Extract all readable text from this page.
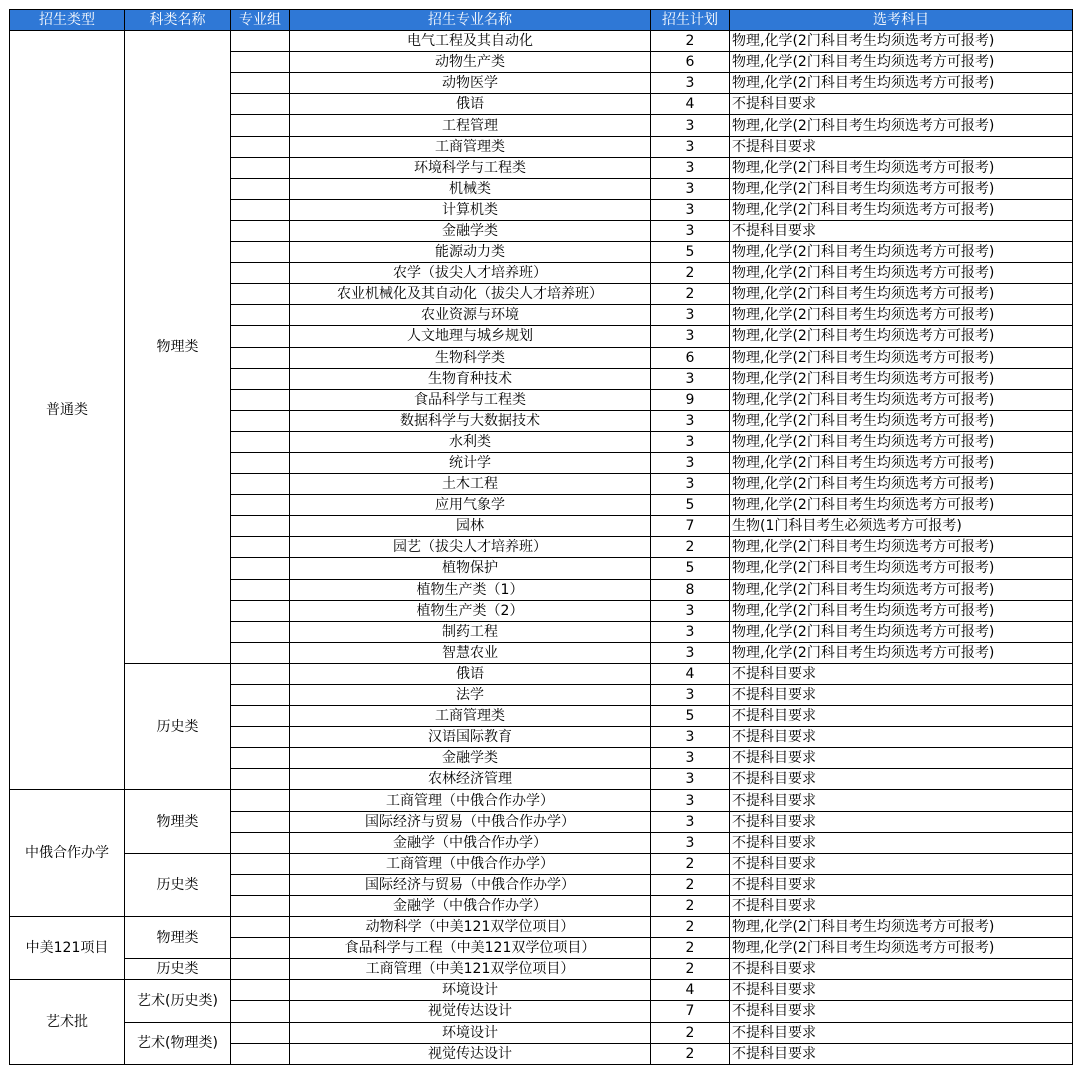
招生类型	科类名称	专业组	招生专业名称	招生计划	选考科目
普通类	物理类		电气工程及其自动化	2	物理,化学(2门科目考生均须选考方可报考)
			动物生产类	6	物理,化学(2门科目考生均须选考方可报考)
			动物医学	3	物理,化学(2门科目考生均须选考方可报考)
			俄语	4	不提科目要求
			工程管理	3	物理,化学(2门科目考生均须选考方可报考)
			工商管理类	3	不提科目要求
			环境科学与工程类	3	物理,化学(2门科目考生均须选考方可报考)
			机械类	3	物理,化学(2门科目考生均须选考方可报考)
			计算机类	3	物理,化学(2门科目考生均须选考方可报考)
			金融学类	3	不提科目要求
			能源动力类	5	物理,化学(2门科目考生均须选考方可报考)
			农学（拔尖人才培养班）	2	物理,化学(2门科目考生均须选考方可报考)
			农业机械化及其自动化（拔尖人才培养班）	2	物理,化学(2门科目考生均须选考方可报考)
			农业资源与环境	3	物理,化学(2门科目考生均须选考方可报考)
			人文地理与城乡规划	3	物理,化学(2门科目考生均须选考方可报考)
			生物科学类	6	物理,化学(2门科目考生均须选考方可报考)
			生物育种技术	3	物理,化学(2门科目考生均须选考方可报考)
			食品科学与工程类	9	物理,化学(2门科目考生均须选考方可报考)
			数据科学与大数据技术	3	物理,化学(2门科目考生均须选考方可报考)
			水利类	3	物理,化学(2门科目考生均须选考方可报考)
			统计学	3	物理,化学(2门科目考生均须选考方可报考)
			土木工程	3	物理,化学(2门科目考生均须选考方可报考)
			应用气象学	5	物理,化学(2门科目考生均须选考方可报考)
			园林	7	生物(1门科目考生必须选考方可报考)
			园艺（拔尖人才培养班）	2	物理,化学(2门科目考生均须选考方可报考)
			植物保护	5	物理,化学(2门科目考生均须选考方可报考)
			植物生产类（1）	8	物理,化学(2门科目考生均须选考方可报考)
			植物生产类（2）	3	物理,化学(2门科目考生均须选考方可报考)
			制药工程	3	物理,化学(2门科目考生均须选考方可报考)
			智慧农业	3	物理,化学(2门科目考生均须选考方可报考)
	历史类		俄语	4	不提科目要求
			法学	3	不提科目要求
			工商管理类	5	不提科目要求
			汉语国际教育	3	不提科目要求
			金融学类	3	不提科目要求
			农林经济管理	3	不提科目要求
中俄合作办学	物理类		工商管理（中俄合作办学）	3	不提科目要求
			国际经济与贸易（中俄合作办学）	3	不提科目要求
			金融学（中俄合作办学）	3	不提科目要求
	历史类		工商管理（中俄合作办学）	2	不提科目要求
			国际经济与贸易（中俄合作办学）	2	不提科目要求
			金融学（中俄合作办学）	2	不提科目要求
中美121项目	物理类		动物科学（中美121双学位项目）	2	物理,化学(2门科目考生均须选考方可报考)
			食品科学与工程（中美121双学位项目）	2	物理,化学(2门科目考生均须选考方可报考)
	历史类		工商管理（中美121双学位项目）	2	不提科目要求
艺术批	艺术(历史类)		环境设计	4	不提科目要求
			视觉传达设计	7	不提科目要求
	艺术(物理类)		环境设计	2	不提科目要求
			视觉传达设计	2	不提科目要求
